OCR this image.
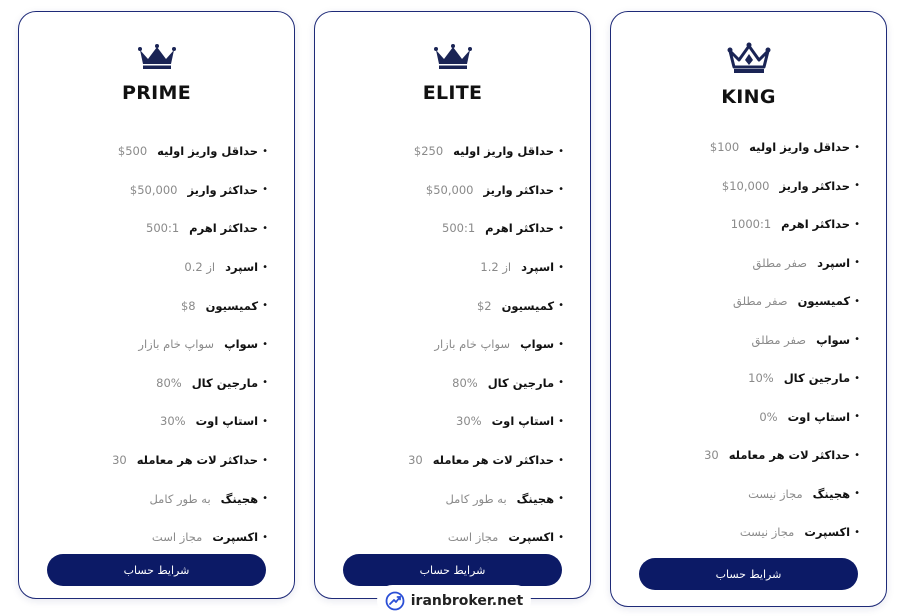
PRIME
•
حداقل واریز اولیه
$500
•
حداکثر واریز
$50,000
•
حداکثر اهرم
500:1
•
اسپرد
از 0.2
•
کمیسیون
$8
•
سواپ
سواپ خام بازار
•
مارجین کال
80%
•
استاپ اوت
30%
•
حداکثر لات هر معامله
30
•
هجینگ
به طور کامل
•
اکسپرت
مجاز است
شرایط حساب
ELITE
•
حداقل واریز اولیه
$250
•
حداکثر واریز
$50,000
•
حداکثر اهرم
500:1
•
اسپرد
از 1.2
•
کمیسیون
$2
•
سواپ
سواپ خام بازار
•
مارجین کال
80%
•
استاپ اوت
30%
•
حداکثر لات هر معامله
30
•
هجینگ
به طور کامل
•
اکسپرت
مجاز است
شرایط حساب
KING
•
حداقل واریز اولیه
$100
•
حداکثر واریز
$10,000
•
حداکثر اهرم
1000:1
•
اسپرد
صفر مطلق
•
کمیسیون
صفر مطلق
•
سواپ
صفر مطلق
•
مارجین کال
10%
•
استاپ اوت
0%
•
حداکثر لات هر معامله
30
•
هجینگ
مجاز نیست
•
اکسپرت
مجاز نیست
شرایط حساب
iranbroker.net
